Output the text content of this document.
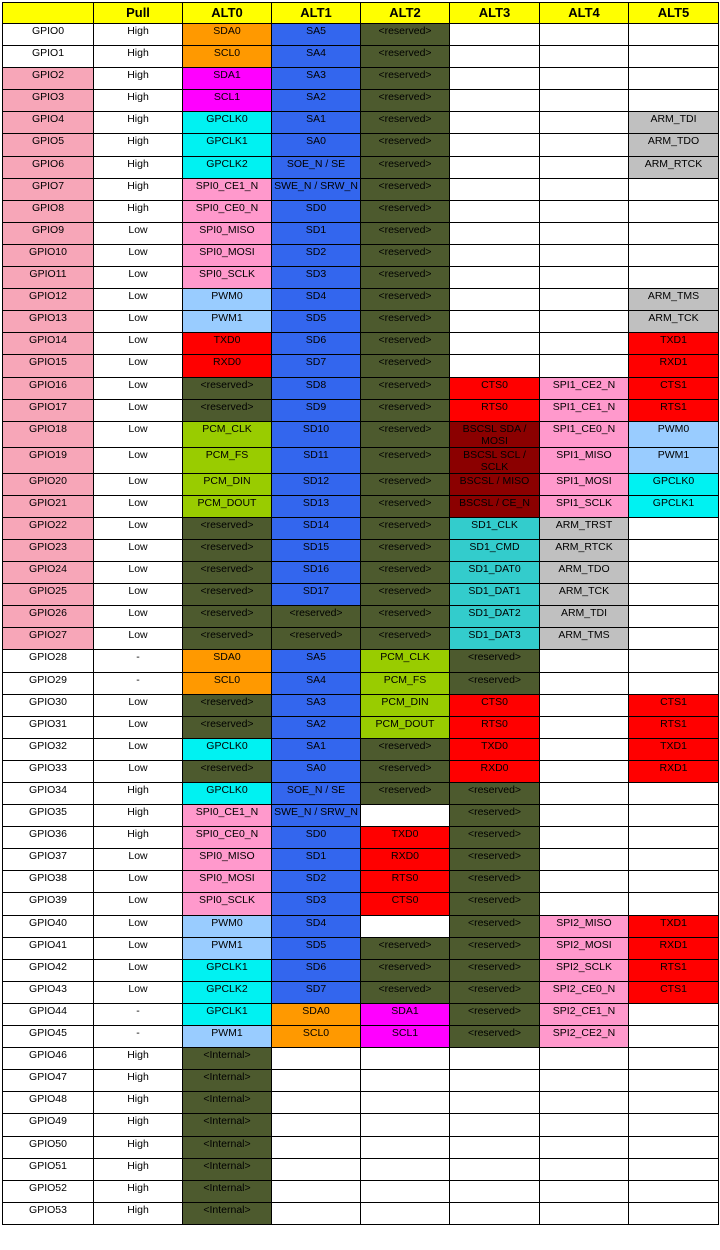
	Pull	ALT0	ALT1	ALT2	ALT3	ALT4	ALT5
GPIO0	High	SDA0	SA5	<reserved>			
GPIO1	High	SCL0	SA4	<reserved>			
GPIO2	High	SDA1	SA3	<reserved>			
GPIO3	High	SCL1	SA2	<reserved>			
GPIO4	High	GPCLK0	SA1	<reserved>			ARM_TDI
GPIO5	High	GPCLK1	SA0	<reserved>			ARM_TDO
GPIO6	High	GPCLK2	SOE_N / SE	<reserved>			ARM_RTCK
GPIO7	High	SPI0_CE1_N	SWE_N / SRW_N	<reserved>			
GPIO8	High	SPI0_CE0_N	SD0	<reserved>			
GPIO9	Low	SPI0_MISO	SD1	<reserved>			
GPIO10	Low	SPI0_MOSI	SD2	<reserved>			
GPIO11	Low	SPI0_SCLK	SD3	<reserved>			
GPIO12	Low	PWM0	SD4	<reserved>			ARM_TMS
GPIO13	Low	PWM1	SD5	<reserved>			ARM_TCK
GPIO14	Low	TXD0	SD6	<reserved>			TXD1
GPIO15	Low	RXD0	SD7	<reserved>			RXD1
GPIO16	Low	<reserved>	SD8	<reserved>	CTS0	SPI1_CE2_N	CTS1
GPIO17	Low	<reserved>	SD9	<reserved>	RTS0	SPI1_CE1_N	RTS1
GPIO18	Low	PCM_CLK	SD10	<reserved>	BSCSL SDA / MOSI	SPI1_CE0_N	PWM0
GPIO19	Low	PCM_FS	SD11	<reserved>	BSCSL SCL / SCLK	SPI1_MISO	PWM1
GPIO20	Low	PCM_DIN	SD12	<reserved>	BSCSL / MISO	SPI1_MOSI	GPCLK0
GPIO21	Low	PCM_DOUT	SD13	<reserved>	BSCSL / CE_N	SPI1_SCLK	GPCLK1
GPIO22	Low	<reserved>	SD14	<reserved>	SD1_CLK	ARM_TRST	
GPIO23	Low	<reserved>	SD15	<reserved>	SD1_CMD	ARM_RTCK	
GPIO24	Low	<reserved>	SD16	<reserved>	SD1_DAT0	ARM_TDO	
GPIO25	Low	<reserved>	SD17	<reserved>	SD1_DAT1	ARM_TCK	
GPIO26	Low	<reserved>	<reserved>	<reserved>	SD1_DAT2	ARM_TDI	
GPIO27	Low	<reserved>	<reserved>	<reserved>	SD1_DAT3	ARM_TMS	
GPIO28	-	SDA0	SA5	PCM_CLK	<reserved>		
GPIO29	-	SCL0	SA4	PCM_FS	<reserved>		
GPIO30	Low	<reserved>	SA3	PCM_DIN	CTS0		CTS1
GPIO31	Low	<reserved>	SA2	PCM_DOUT	RTS0		RTS1
GPIO32	Low	GPCLK0	SA1	<reserved>	TXD0		TXD1
GPIO33	Low	<reserved>	SA0	<reserved>	RXD0		RXD1
GPIO34	High	GPCLK0	SOE_N / SE	<reserved>	<reserved>		
GPIO35	High	SPI0_CE1_N	SWE_N / SRW_N		<reserved>		
GPIO36	High	SPI0_CE0_N	SD0	TXD0	<reserved>		
GPIO37	Low	SPI0_MISO	SD1	RXD0	<reserved>		
GPIO38	Low	SPI0_MOSI	SD2	RTS0	<reserved>		
GPIO39	Low	SPI0_SCLK	SD3	CTS0	<reserved>		
GPIO40	Low	PWM0	SD4		<reserved>	SPI2_MISO	TXD1
GPIO41	Low	PWM1	SD5	<reserved>	<reserved>	SPI2_MOSI	RXD1
GPIO42	Low	GPCLK1	SD6	<reserved>	<reserved>	SPI2_SCLK	RTS1
GPIO43	Low	GPCLK2	SD7	<reserved>	<reserved>	SPI2_CE0_N	CTS1
GPIO44	-	GPCLK1	SDA0	SDA1	<reserved>	SPI2_CE1_N	
GPIO45	-	PWM1	SCL0	SCL1	<reserved>	SPI2_CE2_N	
GPIO46	High	<Internal>					
GPIO47	High	<Internal>					
GPIO48	High	<Internal>					
GPIO49	High	<Internal>					
GPIO50	High	<Internal>					
GPIO51	High	<Internal>					
GPIO52	High	<Internal>					
GPIO53	High	<Internal>					
